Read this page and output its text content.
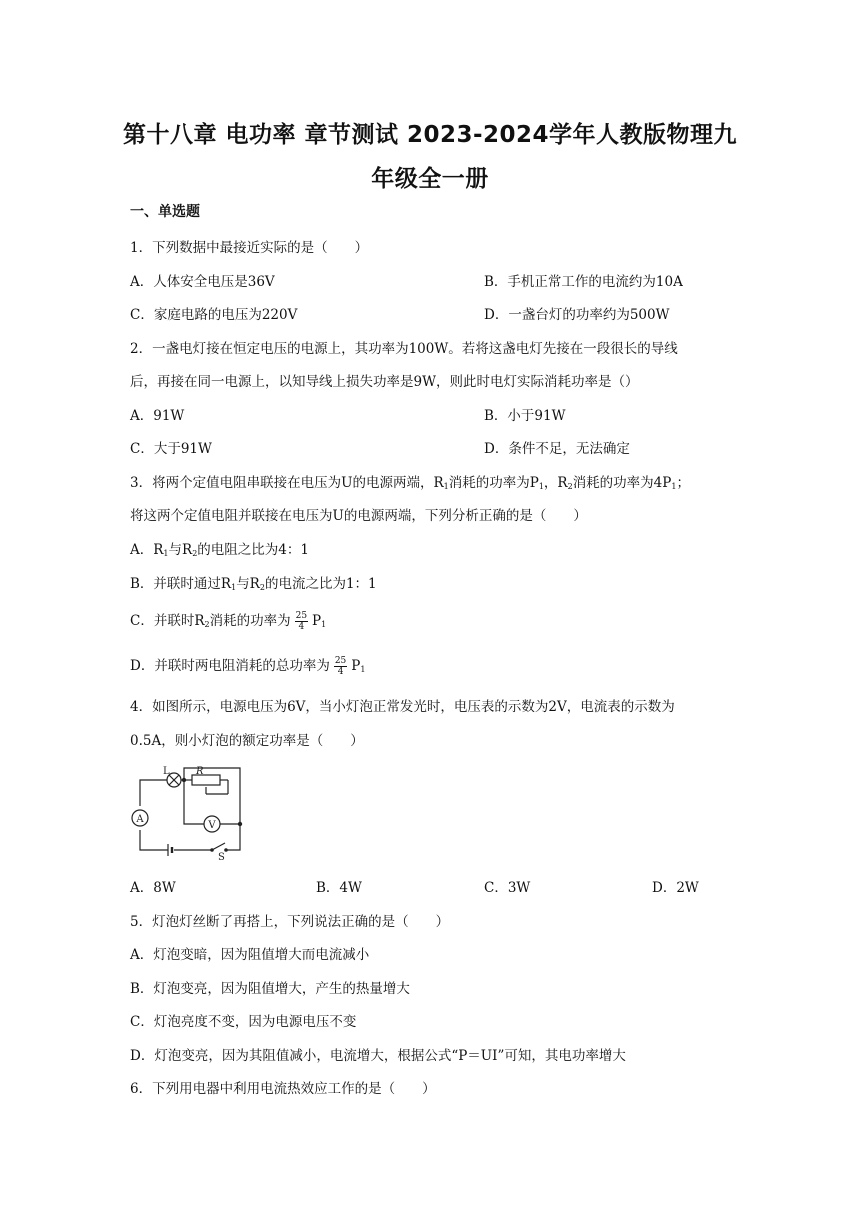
第十八章 电功率 章节测试 2023-2024学年人教版物理九
年级全一册
一、单选题
1．下列数据中最接近实际的是（　　）
A．人体安全电压是36V	B．手机正常工作的电流约为10A
C．家庭电路的电压为220V	D．一盏台灯的功率约为500W
2．一盏电灯接在恒定电压的电源上，其功率为100W。若将这盏电灯先接在一段很长的导线
后，再接在同一电源上，以知导线上损失功率是9W，则此时电灯实际消耗功率是（）
A．91W	B．小于91W
C．大于91W	D．条件不足，无法确定
3．将两个定值电阻串联接在电压为U的电源两端，$R_1$消耗的功率为$P_1$，$R_2$消耗的功率为$4P_1$；
将这两个定值电阻并联接在电压为U的电源两端，下列分析正确的是（　　）
A．$R_1$与$R_2$的电阻之比为4：1
B．并联时通过$R_1$与$R_2$的电流之比为1：1
C．并联时$R_2$消耗的功率为 $\frac{25}{4} P_1$
D．并联时两电阻消耗的总功率为 $\frac{25}{4} P_1$
4．如图所示，电源电压为6V，当小灯泡正常发光时，电压表的示数为2V，电流表的示数为
0.5A，则小灯泡的额定功率是（　　）
A
V
L	R
S
A．8W	B．4W	C．3W	D．2W
5．灯泡灯丝断了再搭上，下列说法正确的是（　　）
A．灯泡变暗，因为阻值增大而电流减小
B．灯泡变亮，因为阻值增大，产生的热量增大
C．灯泡亮度不变，因为电源电压不变
D．灯泡变亮，因为其阻值减小，电流增大，根据公式“P＝UI”可知，其电功率增大
6．下列用电器中利用电流热效应工作的是（　　）
